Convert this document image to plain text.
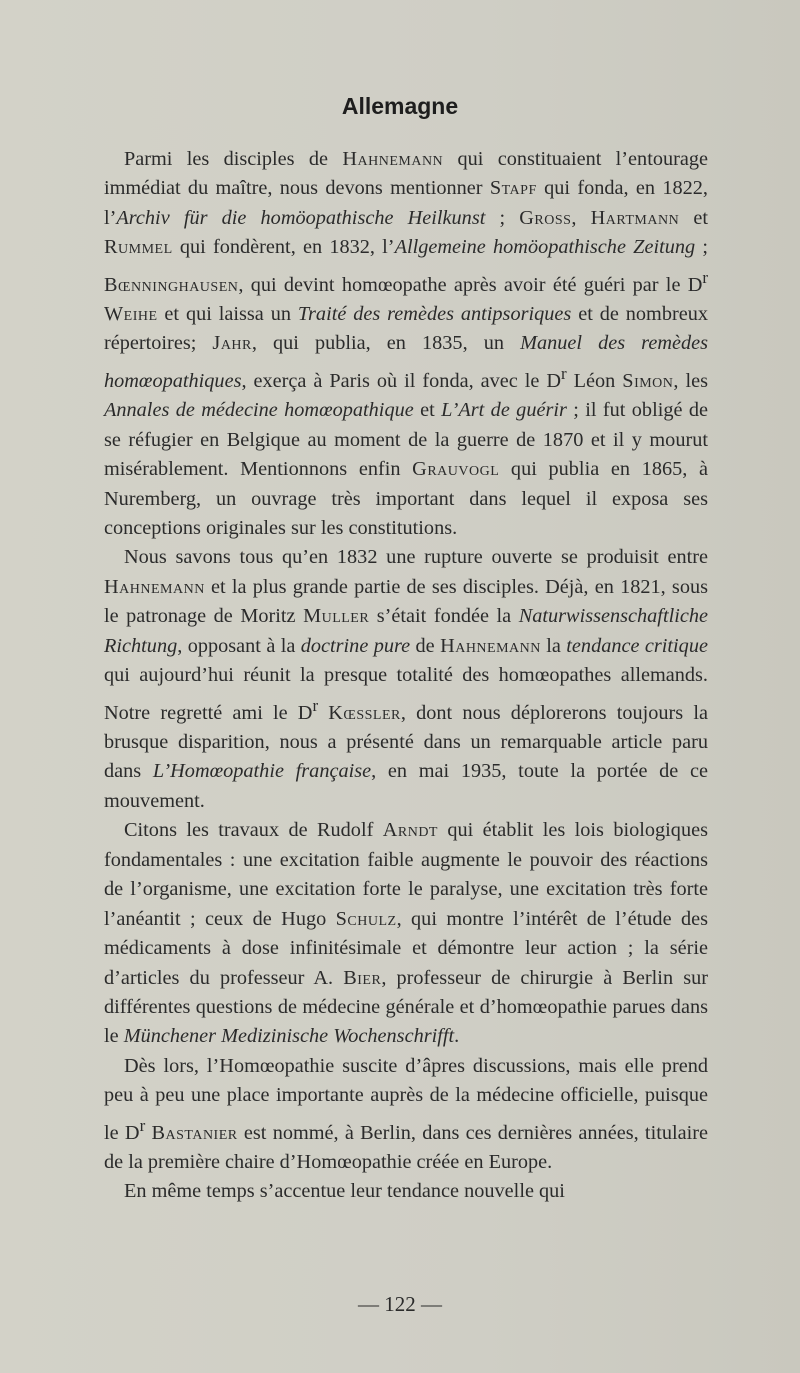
Allemagne

Parmi les disciples de Hahnemann qui constituaient l’entourage immédiat du maître, nous devons mentionner Stapf qui fonda, en 1822, l’Archiv für die homöopathische Heilkunst ; Gross, Hartmann et Rummel qui fondèrent, en 1832, l’Allgemeine homöopathische Zeitung ; Bœnninghausen, qui devint homœopathe après avoir été guéri par le $D^r$ Weihe et qui laissa un Traité des remèdes antipsoriques et de nombreux répertoires; Jahr, qui publia, en 1835, un Manuel des remèdes homœopathiques, exerça à Paris où il fonda, avec le $D^r$ Léon Simon, les Annales de médecine homœopathique et L’Art de guérir ; il fut obligé de se réfugier en Belgique au moment de la guerre de 1870 et il y mourut misérablement. Mentionnons enfin Grauvogl qui publia en 1865, à Nuremberg, un ouvrage très important dans lequel il exposa ses conceptions originales sur les constitutions.

Nous savons tous qu’en 1832 une rupture ouverte se produisit entre Hahnemann et la plus grande partie de ses disciples. Déjà, en 1821, sous le patronage de Moritz Muller s’était fondée la Naturwissenschaftliche Richtung, opposant à la doctrine pure de Hahnemann la tendance critique qui aujourd’hui réunit la presque totalité des homœopathes allemands. Notre regretté ami le $D^r$ Kœssler, dont nous déplorerons toujours la brusque disparition, nous a présenté dans un remarquable article paru dans L’Homœopathie française, en mai 1935, toute la portée de ce mouvement.

Citons les travaux de Rudolf Arndt qui établit les lois biologiques fondamentales : une excitation faible augmente le pouvoir des réactions de l’organisme, une excitation forte le paralyse, une excitation très forte l’anéantit ; ceux de Hugo Schulz, qui montre l’intérêt de l’étude des médicaments à dose infinitésimale et démontre leur action ; la série d’articles du professeur A. Bier, professeur de chirurgie à Berlin sur différentes questions de médecine générale et d’homœopathie parues dans le Münchener Medizinische Wochenschrifft.

Dès lors, l’Homœopathie suscite d’âpres discussions, mais elle prend peu à peu une place importante auprès de la médecine officielle, puisque le $D^r$ Bastanier est nommé, à Berlin, dans ces dernières années, titulaire de la première chaire d’Homœopathie créée en Europe.

En même temps s’accentue leur tendance nouvelle qui

— 122 —
